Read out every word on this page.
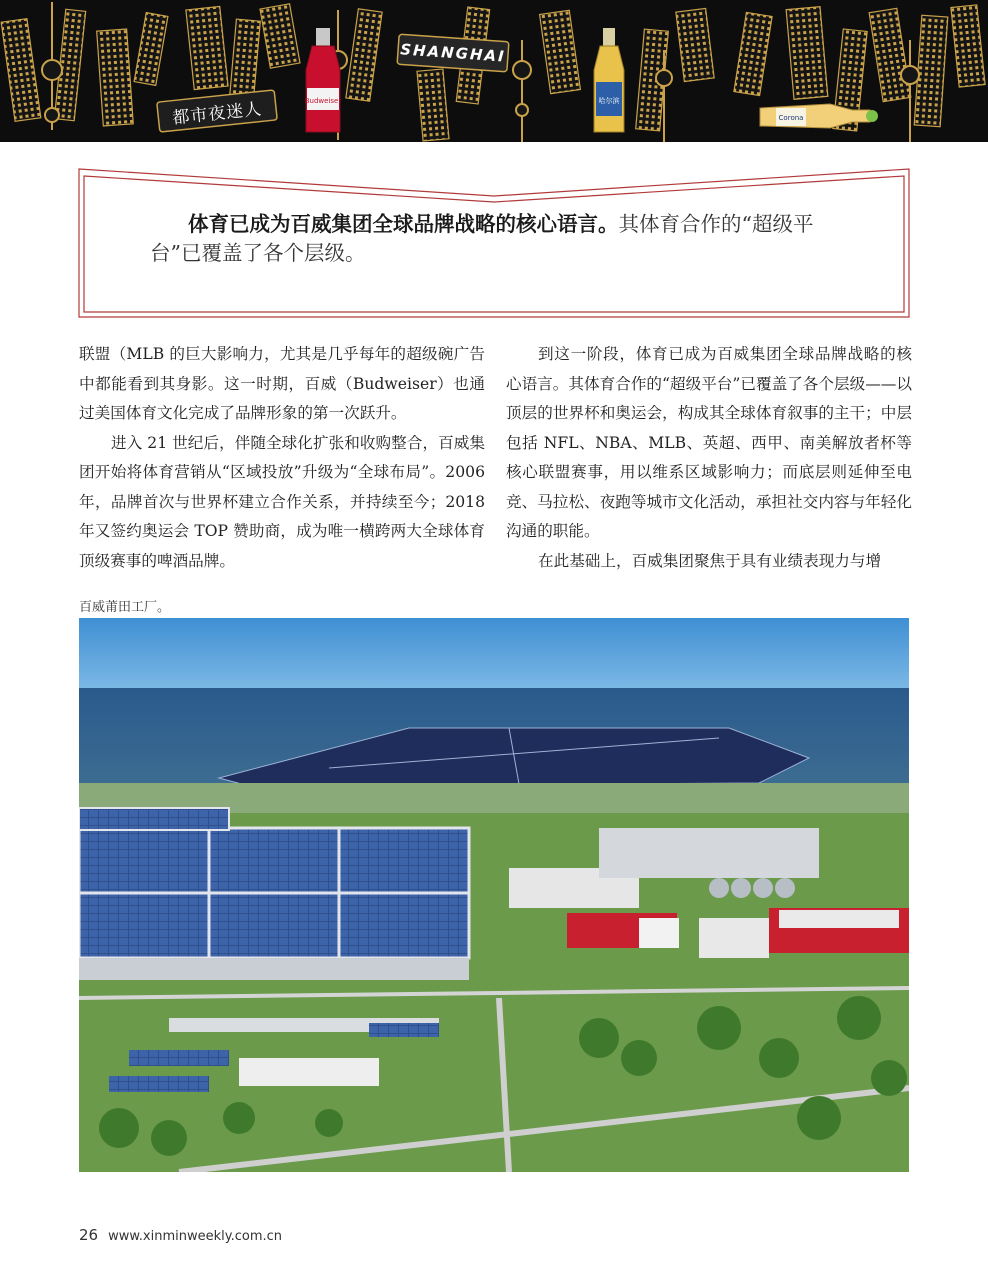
都市夜迷人
SHANGHAI
Budweiser	哈尔滨
Corona
体育已成为百威集团全球品牌战略的核心语言。其体育合作的“超级平台”已覆盖了各个层级。

联盟（MLB 的巨大影响力，尤其是几乎每年的超级碗广告中都能看到其身影。这一时期，百威（Budweiser）也通过美国体育文化完成了品牌形象的第一次跃升。

进入 21 世纪后，伴随全球化扩张和收购整合，百威集团开始将体育营销从“区域投放”升级为“全球布局”。2006 年，品牌首次与世界杯建立合作关系，并持续至今；2018 年又签约奥运会 TOP 赞助商，成为唯一横跨两大全球体育顶级赛事的啤酒品牌。

到这一阶段，体育已成为百威集团全球品牌战略的核心语言。其体育合作的“超级平台”已覆盖了各个层级——以顶层的世界杯和奥运会，构成其全球体育叙事的主干；中层包括 NFL、NBA、MLB、英超、西甲、南美解放者杯等核心联盟赛事，用以维系区域影响力；而底层则延伸至电竞、马拉松、夜跑等城市文化活动，承担社交内容与年轻化沟通的职能。

在此基础上，百威集团聚焦于具有业绩表现力与增

百威莆田工厂。
26 www.xinminweekly.com.cn
